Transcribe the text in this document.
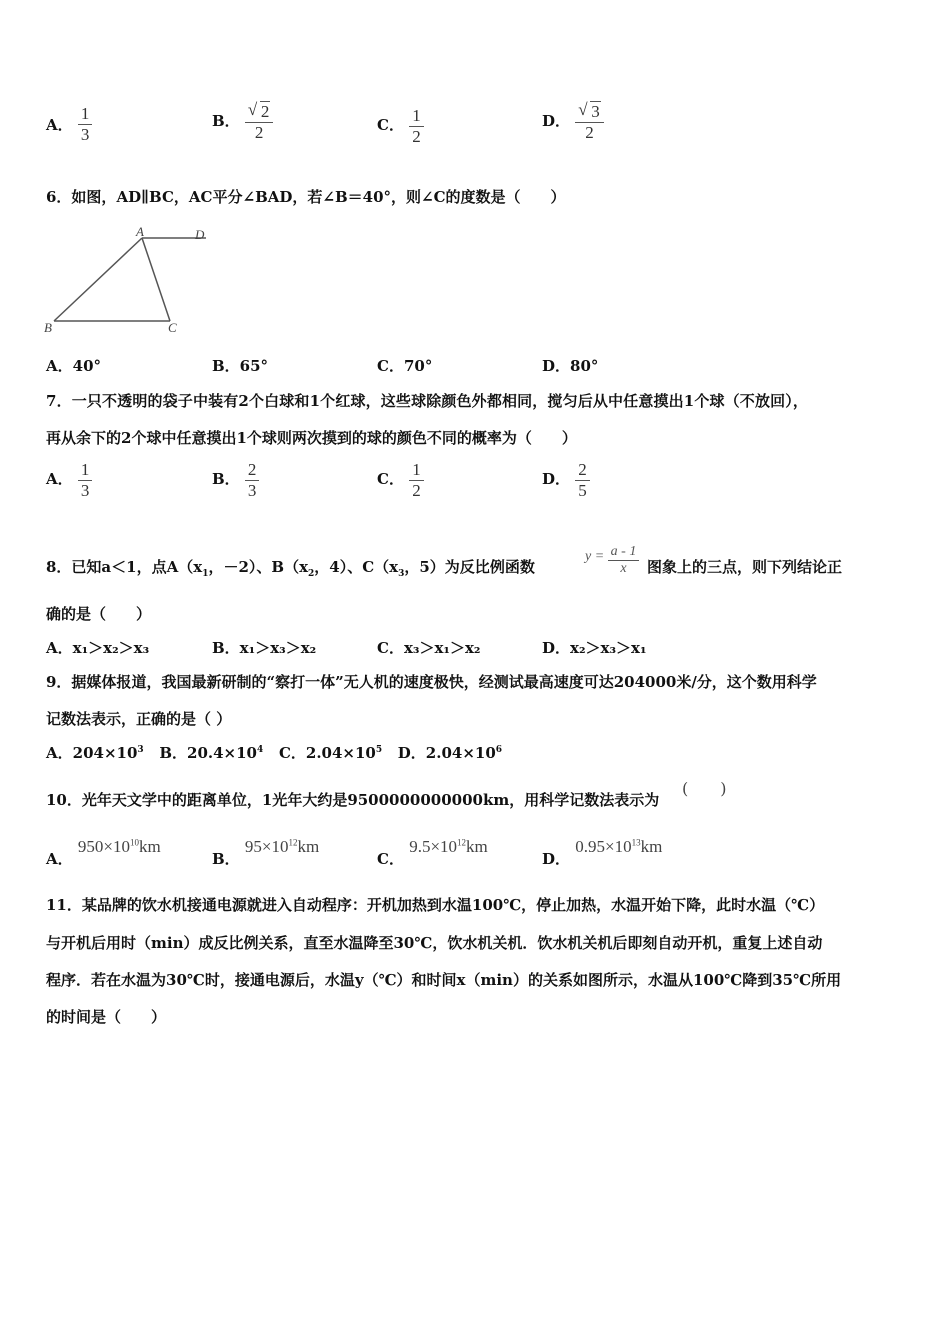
A． $\frac{1}{3}$	B． $\frac{√ 2}{2}$	C． $\frac{1}{2}$	D． $\frac{√ 3}{2}$
6．如图，AD∥BC，AC平分∠BAD，若∠B＝40°，则∠C的度数是（　　）
A	D
B	C
A．40°	B．65°	C．70°	D．80°
7．一只不透明的袋子中装有2个白球和1个红球，这些球除颜色外都相同，搅匀后从中任意摸出1个球（不放回），
再从余下的2个球中任意摸出1个球则两次摸到的球的颜色不同的概率为（　　）
A． $\frac{1}{3}$	B． $\frac{2}{3}$	C． $\frac{1}{2}$	D． $\frac{2}{5}$
8．已知a＜1，点$A(x_1$，－2）、$B(x_2$，4）、$C(x_3$，5）为反比例函数
$y = \frac{a - 1}{x}$ 图象上的三点，则下列结论正
确的是（　　）
A．x₁＞x₂＞x₃	B．x₁＞x₃＞x₂	C．x₃＞x₁＞x₂	D．x₂＞x₃＞x₁
9．据媒体报道，我国最新研制的“察打一体”无人机的速度极快，经测试最高速度可达204000米/分，这个数用科学
记数法表示，正确的是（ ）
A．$204\times 10^3$ B．$20.4\times 10^4$ C．$2.04\times 10^5$ D．$2.04\times 10^6$
10．光年天文学中的距离单位，1光年大约是9500000000000km，用科学记数法表示为
(　　)
A． $950\times 10^{10}km$
B． $95\times 10^{12}km$
C． $9.5\times 10^{12}km$
D． $0.95\times 10^{13}km$
11．某品牌的饮水机接通电源就进入自动程序：开机加热到水温100℃，停止加热，水温开始下降，此时水温（℃）
与开机后用时（min）成反比例关系，直至水温降至30℃，饮水机关机．饮水机关机后即刻自动开机，重复上述自动
程序．若在水温为30℃时，接通电源后，水温y（℃）和时间x（min）的关系如图所示，水温从100℃降到35℃所用
的时间是（　　）
